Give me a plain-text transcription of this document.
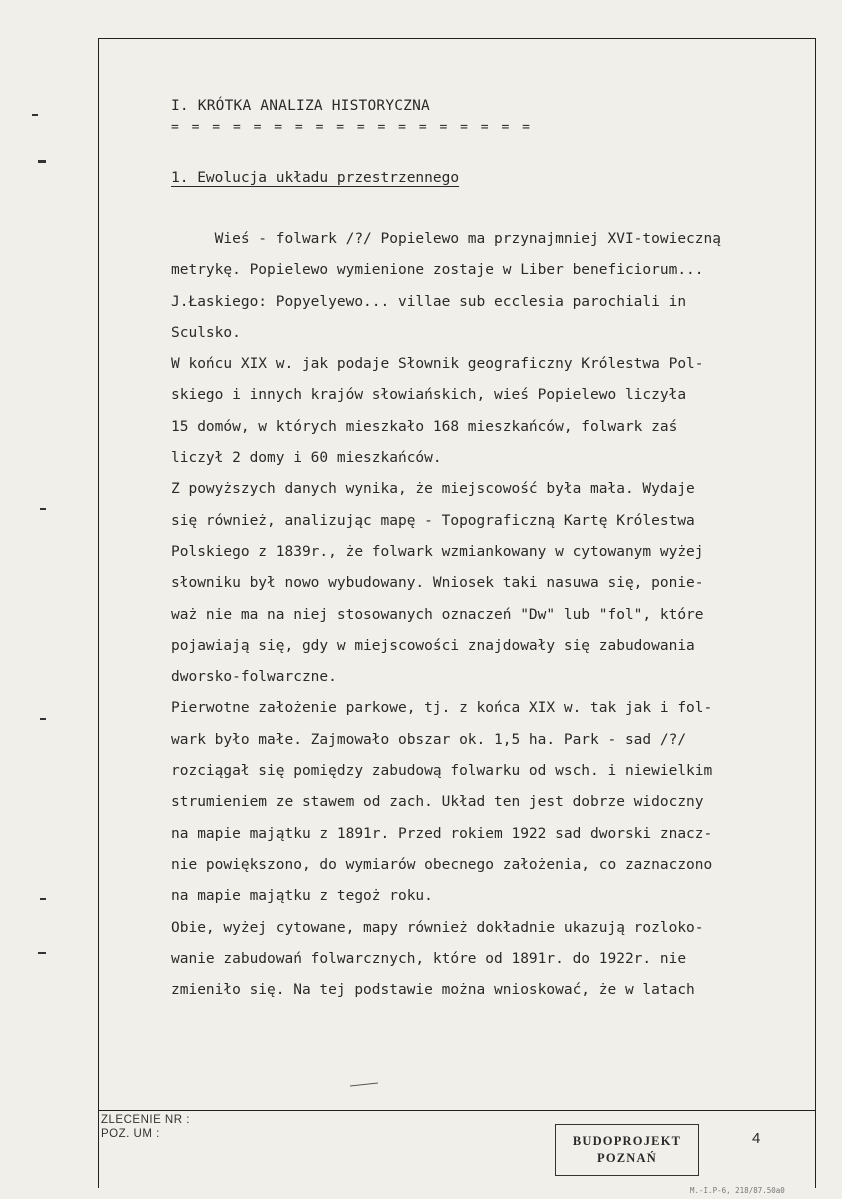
I. KRÓTKA ANALIZA HISTORYCZNA
= = = = = = = = = = = = = = = = = =
1. Ewolucja układu przestrzennego
Wieś - folwark /?/ Popielewo ma przynajmniej XVI-towieczną
metrykę. Popielewo wymienione zostaje w Liber beneficiorum...
J.Łaskiego: Popyelyewo... villae sub ecclesia parochiali in
Sculsko.
W końcu XIX w. jak podaje Słownik geograficzny Królestwa Pol-
skiego i innych krajów słowiańskich, wieś Popielewo liczyła
15 domów, w których mieszkało 168 mieszkańców, folwark zaś
liczył 2 domy i 60 mieszkańców.
Z powyższych danych wynika, że miejscowość była mała. Wydaje
się również, analizując mapę - Topograficzną Kartę Królestwa
Polskiego z 1839r., że folwark wzmiankowany w cytowanym wyżej
słowniku był nowo wybudowany. Wniosek taki nasuwa się, ponie-
waż nie ma na niej stosowanych oznaczeń "Dw" lub "fol", które
pojawiają się, gdy w miejscowości znajdowały się zabudowania
dworsko-folwarczne.
Pierwotne założenie parkowe, tj. z końca XIX w. tak jak i fol-
wark było małe. Zajmowało obszar ok. 1,5 ha. Park - sad /?/
rozciągał się pomiędzy zabudową folwarku od wsch. i niewielkim
strumieniem ze stawem od zach. Układ ten jest dobrze widoczny
na mapie majątku z 1891r. Przed rokiem 1922 sad dworski znacz-
nie powiększono, do wymiarów obecnego założenia, co zaznaczono
na mapie majątku z tegoż roku.
Obie, wyżej cytowane, mapy również dokładnie ukazują rozloko-
wanie zabudowań folwarcznych, które od 1891r. do 1922r. nie
zmieniło się. Na tej podstawie można wnioskować, że w latach
ZLECENIE NR :
POZ. UM :	BUDOPROJEKT
POZNAŃ
4
M.-I.P-6, 218/87.50a0
